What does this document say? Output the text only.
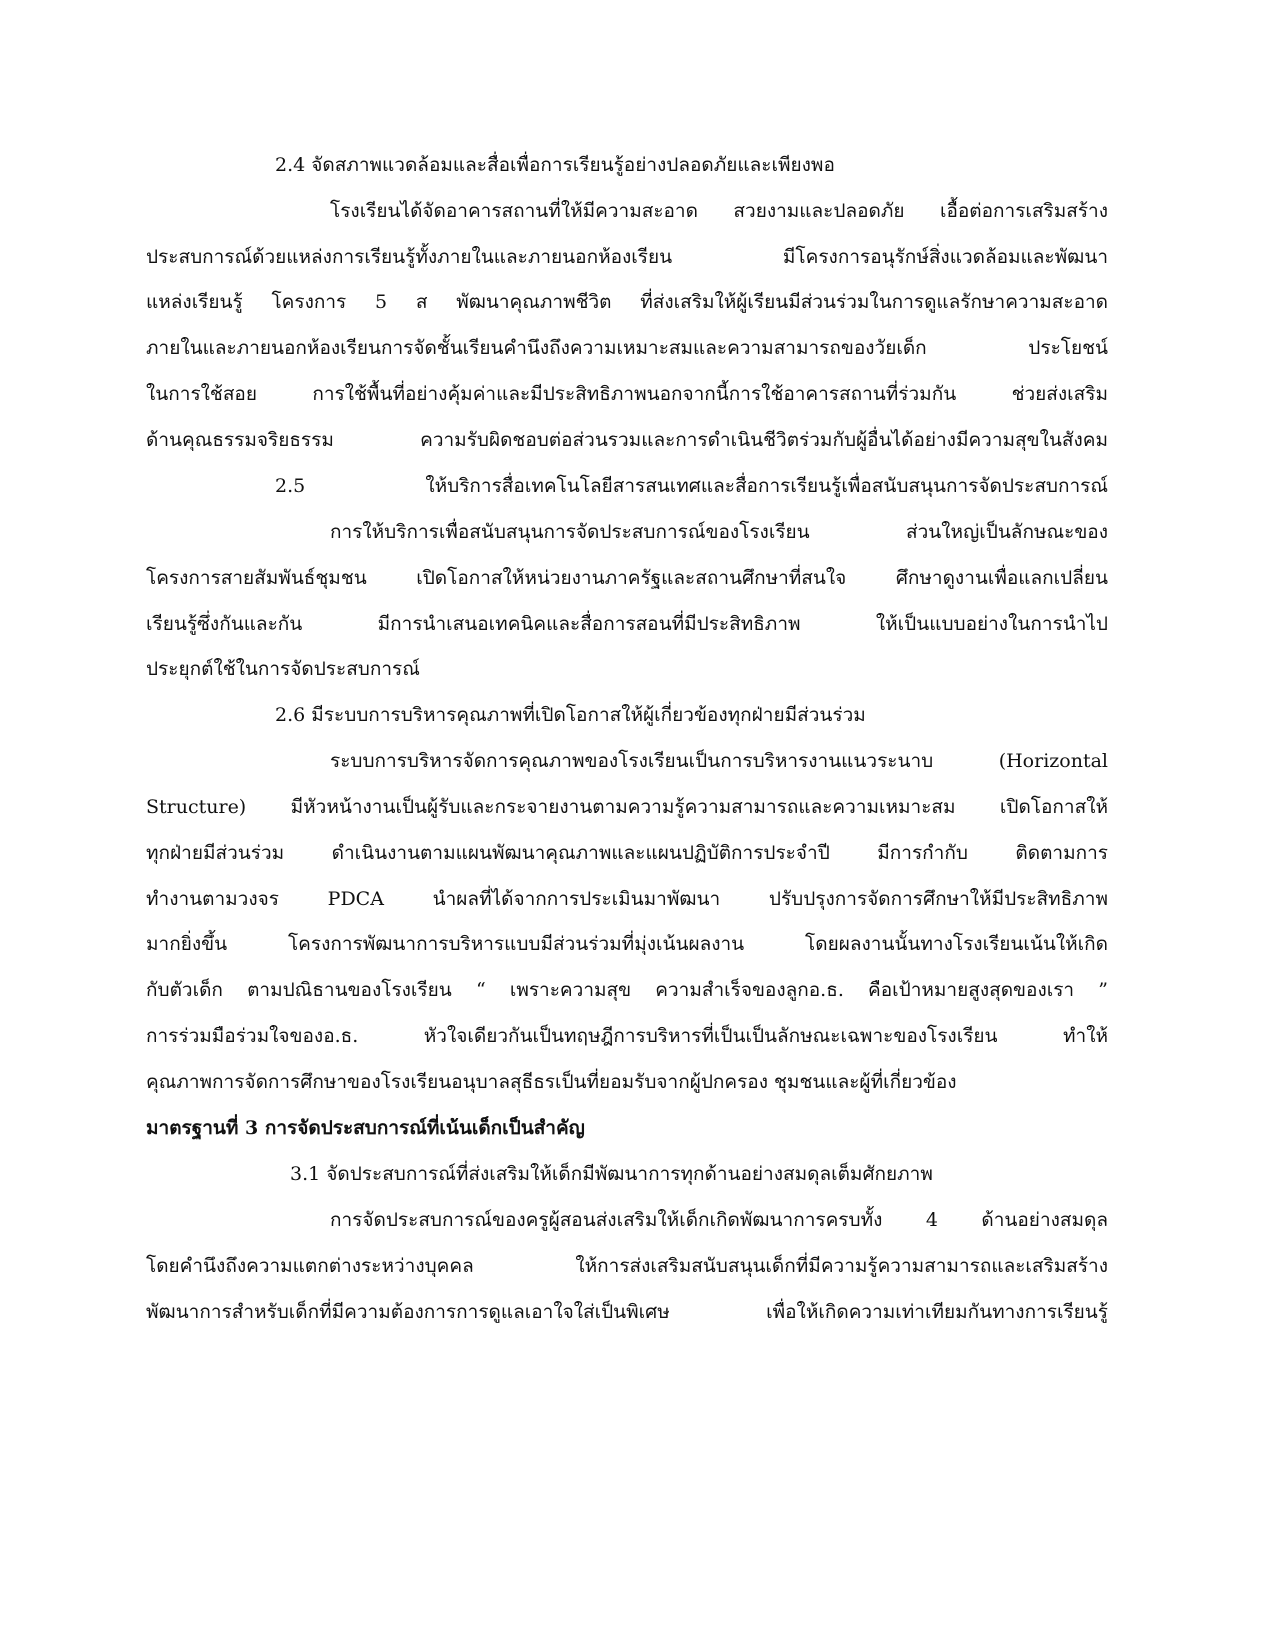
2.4 จัดสภาพแวดล้อมและสื่อเพื่อการเรียนรู้อย่างปลอดภัยและเพียงพอ
โรงเรียนได้จัดอาคารสถานที่ให้มีความสะอาด สวยงามและปลอดภัย เอื้อต่อการเสริมสร้าง
ประสบการณ์ด้วยแหล่งการเรียนรู้ทั้งภายในและภายนอกห้องเรียน มีโครงการอนุรักษ์สิ่งแวดล้อมและพัฒนา
แหล่งเรียนรู้ โครงการ 5 ส พัฒนาคุณภาพชีวิต ที่ส่งเสริมให้ผู้เรียนมีส่วนร่วมในการดูแลรักษาความสะอาด
ภายในและภายนอกห้องเรียนการจัดชั้นเรียนคำนึงถึงความเหมาะสมและความสามารถของวัยเด็ก ประโยชน์
ในการใช้สอย การใช้พื้นที่อย่างคุ้มค่าและมีประสิทธิภาพนอกจากนี้การใช้อาคารสถานที่ร่วมกัน ช่วยส่งเสริม
ด้านคุณธรรมจริยธรรม ความรับผิดชอบต่อส่วนรวมและการดำเนินชีวิตร่วมกับผู้อื่นได้อย่างมีความสุขในสังคม
2.5 ให้บริการสื่อเทคโนโลยีสารสนเทศและสื่อการเรียนรู้เพื่อสนับสนุนการจัดประสบการณ์
การให้บริการเพื่อสนับสนุนการจัดประสบการณ์ของโรงเรียน ส่วนใหญ่เป็นลักษณะของ
โครงการสายสัมพันธ์ชุมชน เปิดโอกาสให้หน่วยงานภาครัฐและสถานศึกษาที่สนใจ ศึกษาดูงานเพื่อแลกเปลี่ยน
เรียนรู้ซึ่งกันและกัน มีการนำเสนอเทคนิคและสื่อการสอนที่มีประสิทธิภาพ ให้เป็นแบบอย่างในการนำไป
ประยุกต์ใช้ในการจัดประสบการณ์
2.6 มีระบบการบริหารคุณภาพที่เปิดโอกาสให้ผู้เกี่ยวข้องทุกฝ่ายมีส่วนร่วม
ระบบการบริหารจัดการคุณภาพของโรงเรียนเป็นการบริหารงานแนวระนาบ (Horizontal
Structure) มีหัวหน้างานเป็นผู้รับและกระจายงานตามความรู้ความสามารถและความเหมาะสม เปิดโอกาสให้
ทุกฝ่ายมีส่วนร่วม ดำเนินงานตามแผนพัฒนาคุณภาพและแผนปฏิบัติการประจำปี มีการกำกับ ติดตามการ
ทำงานตามวงจร PDCA นำผลที่ได้จากการประเมินมาพัฒนา ปรับปรุงการจัดการศึกษาให้มีประสิทธิภาพ
มากยิ่งขึ้น โครงการพัฒนาการบริหารแบบมีส่วนร่วมที่มุ่งเน้นผลงาน โดยผลงานนั้นทางโรงเรียนเน้นให้เกิด
กับตัวเด็ก ตามปณิธานของโรงเรียน “ เพราะความสุข ความสำเร็จของลูกอ.ธ. คือเป้าหมายสูงสุดของเรา ”
การร่วมมือร่วมใจของอ.ธ. หัวใจเดียวกันเป็นทฤษฎีการบริหารที่เป็นเป็นลักษณะเฉพาะของโรงเรียน ทำให้
คุณภาพการจัดการศึกษาของโรงเรียนอนุบาลสุธีธรเป็นที่ยอมรับจากผู้ปกครอง ชุมชนและผู้ที่เกี่ยวข้อง
มาตรฐานที่ 3 การจัดประสบการณ์ที่เน้นเด็กเป็นสำคัญ
3.1 จัดประสบการณ์ที่ส่งเสริมให้เด็กมีพัฒนาการทุกด้านอย่างสมดุลเต็มศักยภาพ
การจัดประสบการณ์ของครูผู้สอนส่งเสริมให้เด็กเกิดพัฒนาการครบทั้ง 4 ด้านอย่างสมดุล
โดยคำนึงถึงความแตกต่างระหว่างบุคคล ให้การส่งเสริมสนับสนุนเด็กที่มีความรู้ความสามารถและเสริมสร้าง
พัฒนาการสำหรับเด็กที่มีความต้องการการดูแลเอาใจใส่เป็นพิเศษ เพื่อให้เกิดความเท่าเทียมกันทางการเรียนรู้
